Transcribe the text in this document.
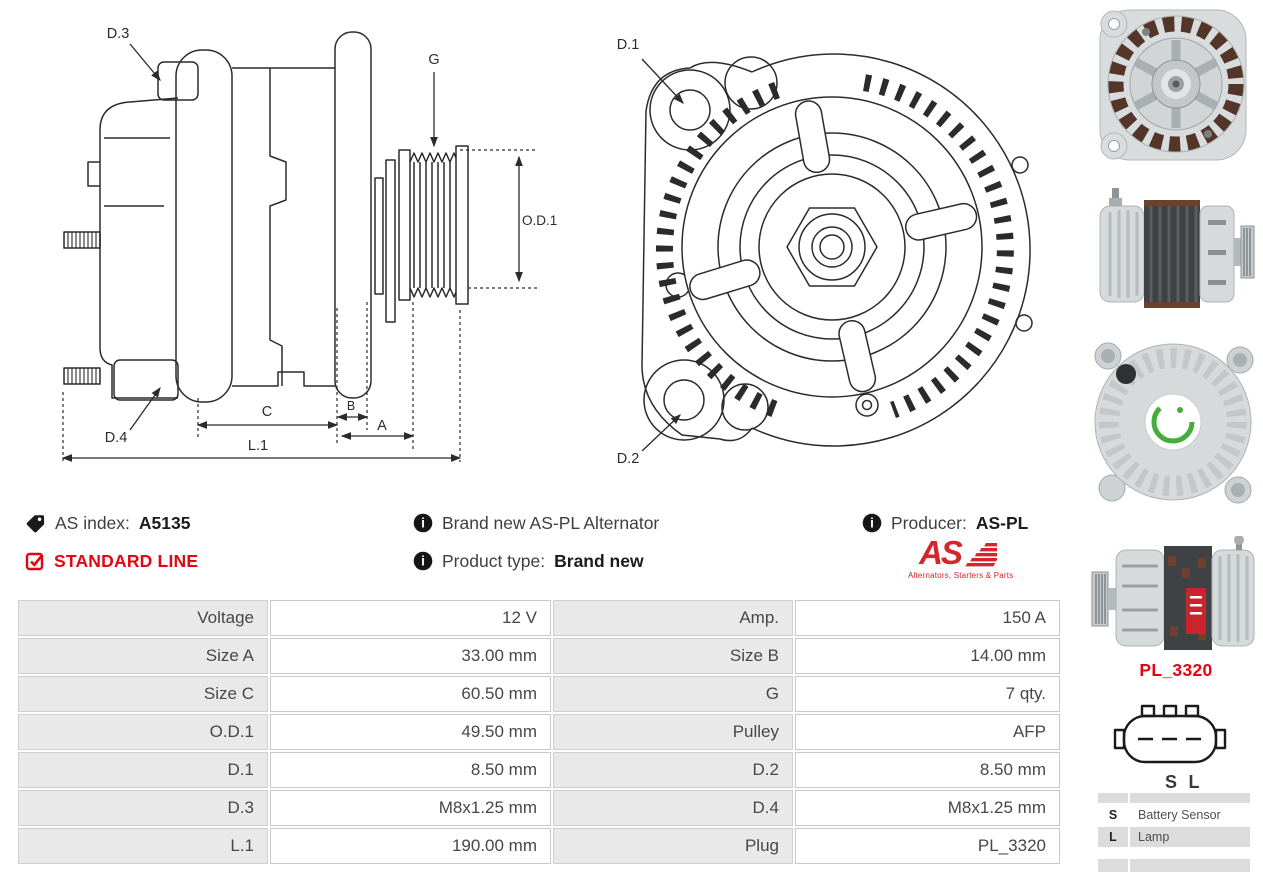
D.3
G
O.D.1
D.4
C	B
A
L.1
D.1
D.2
AS index: A5135
STANDARD LINE
i Brand new AS-PL Alternator
i Product type: Brand new
i Producer: AS-PL
AS
Alternators, Starters & Parts
Voltage	12 V	Amp.	150 A
Size A	33.00 mm	Size B	14.00 mm
Size C	60.50 mm	G	7 qty.
O.D.1	49.50 mm	Pulley	AFP
D.1	8.50 mm	D.2	8.50 mm
D.3	M8x1.25 mm	D.4	M8x1.25 mm
L.1	190.00 mm	Plug	PL_3320
PL_3320
S L
S	Battery Sensor
L	Lamp
